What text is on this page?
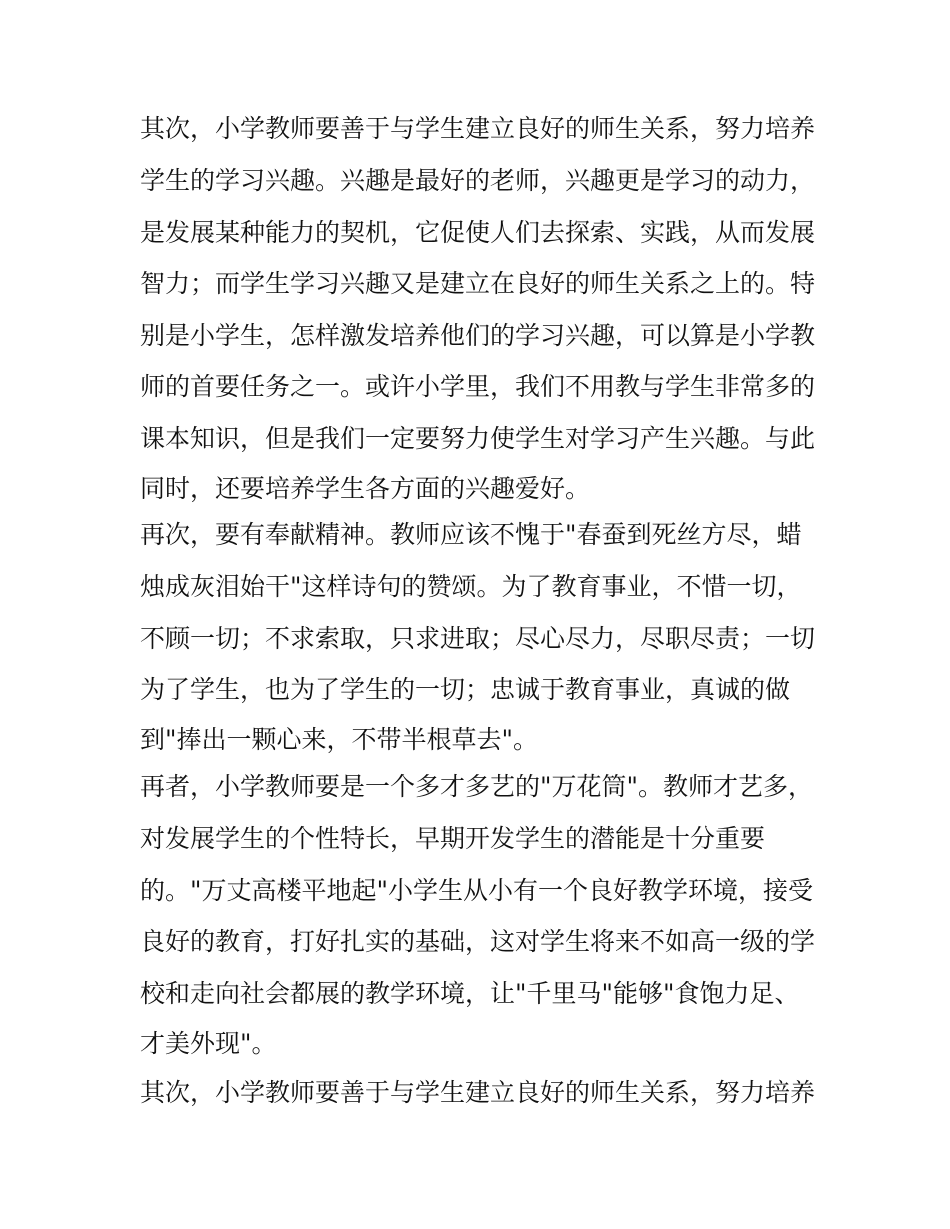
其次，小学教师要善于与学生建立良好的师生关系，努力培养
学生的学习兴趣。兴趣是最好的老师，兴趣更是学习的动力，
是发展某种能力的契机，它促使人们去探索、实践，从而发展
智力；而学生学习兴趣又是建立在良好的师生关系之上的。特
别是小学生，怎样激发培养他们的学习兴趣，可以算是小学教
师的首要任务之一。或许小学里，我们不用教与学生非常多的
课本知识，但是我们一定要努力使学生对学习产生兴趣。与此
同时，还要培养学生各方面的兴趣爱好。
再次，要有奉献精神。教师应该不愧于"春蚕到死丝方尽，蜡
烛成灰泪始干"这样诗句的赞颂。为了教育事业，不惜一切，
不顾一切；不求索取，只求进取；尽心尽力，尽职尽责；一切
为了学生，也为了学生的一切；忠诚于教育事业，真诚的做
到"捧出一颗心来，不带半根草去"。
再者，小学教师要是一个多才多艺的"万花筒"。教师才艺多，
对发展学生的个性特长，早期开发学生的潜能是十分重要
的。"万丈高楼平地起"小学生从小有一个良好教学环境，接受
良好的教育，打好扎实的基础，这对学生将来不如高一级的学
校和走向社会都展的教学环境，让"千里马"能够"食饱力足、
才美外现"。
其次，小学教师要善于与学生建立良好的师生关系，努力培养
